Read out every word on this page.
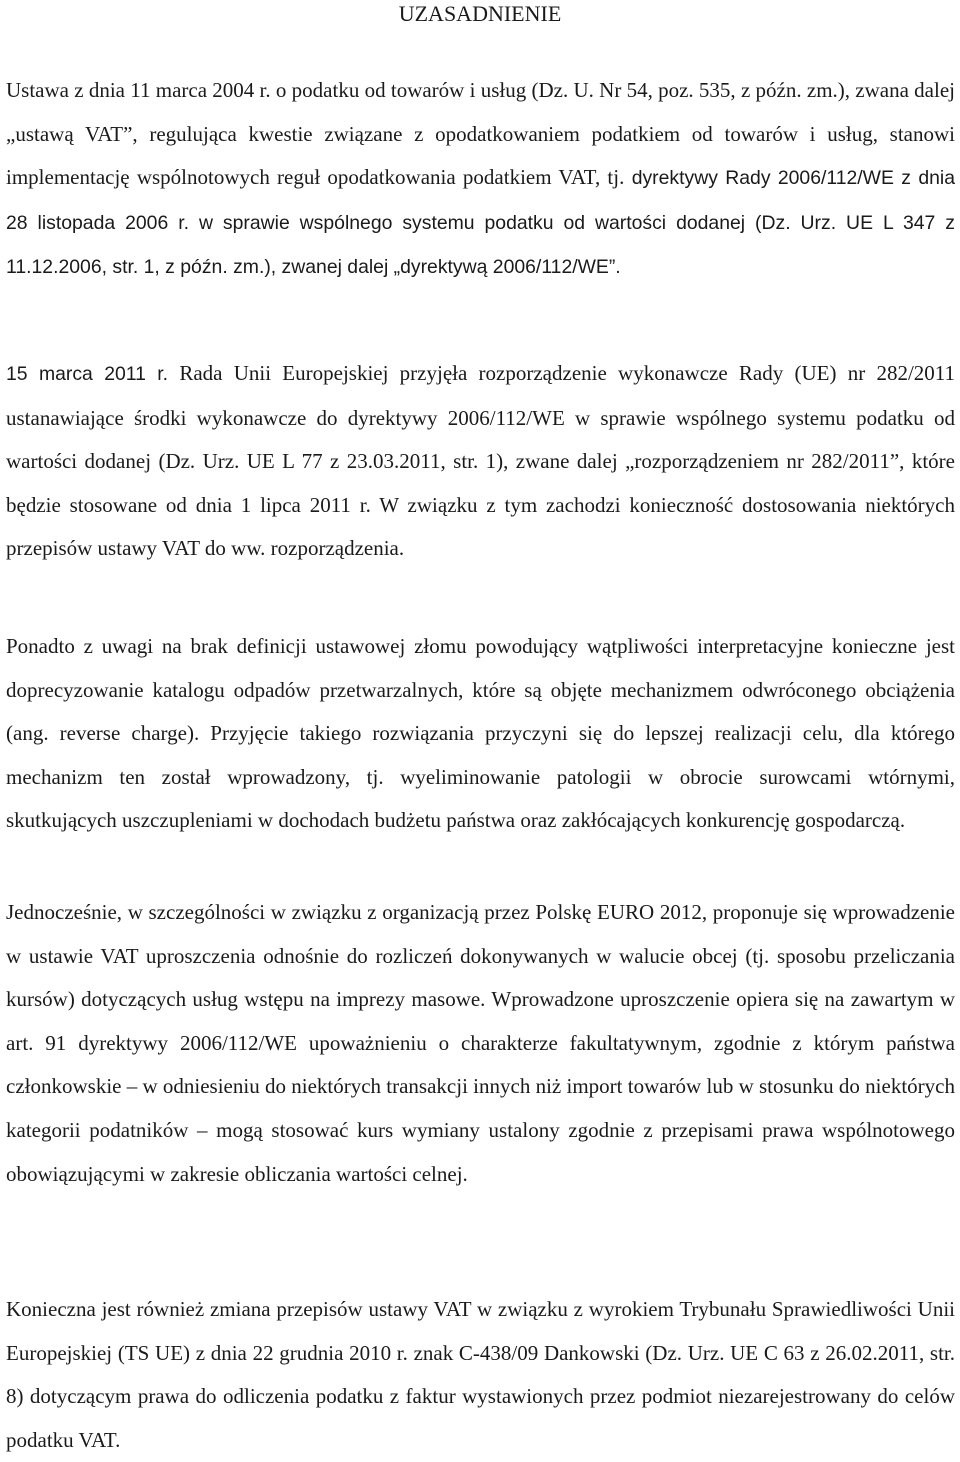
UZASADNIENIE

Ustawa z dnia 11 marca 2004 r. o podatku od towarów i usług (Dz. U. Nr 54, poz. 535, z późn. zm.), zwana dalej „ustawą VAT”, regulująca kwestie związane z opodatkowaniem podatkiem od towarów i usług, stanowi implementację wspólnotowych reguł opodatkowania podatkiem VAT, tj. dyrektywy Rady 2006/112/WE z dnia 28 listopada 2006 r. w sprawie wspólnego systemu podatku od wartości dodanej (Dz. Urz. UE L 347 z 11.12.2006, str. 1, z późn. zm.), zwanej dalej „dyrektywą 2006/112/WE”.

15 marca 2011 r. Rada Unii Europejskiej przyjęła rozporządzenie wykonawcze Rady (UE) nr 282/2011 ustanawiające środki wykonawcze do dyrektywy 2006/112/WE w sprawie wspólnego systemu podatku od wartości dodanej (Dz. Urz. UE L 77 z 23.03.2011, str. 1), zwane dalej „rozporządzeniem nr 282/2011”, które będzie stosowane od dnia 1 lipca 2011 r. W związku z tym zachodzi konieczność dostosowania niektórych przepisów ustawy VAT do ww. rozporządzenia.

Ponadto z uwagi na brak definicji ustawowej złomu powodujący wątpliwości interpretacyjne konieczne jest doprecyzowanie katalogu odpadów przetwarzalnych, które są objęte mechanizmem odwróconego obciążenia (ang. reverse charge). Przyjęcie takiego rozwiązania przyczyni się do lepszej realizacji celu, dla którego mechanizm ten został wprowadzony, tj. wyeliminowanie patologii w obrocie surowcami wtórnymi, skutkujących uszczupleniami w dochodach budżetu państwa oraz zakłócających konkurencję gospodarczą.

Jednocześnie, w szczególności w związku z organizacją przez Polskę EURO 2012, proponuje się wprowadzenie w ustawie VAT uproszczenia odnośnie do rozliczeń dokonywanych w walucie obcej (tj. sposobu przeliczania kursów) dotyczących usług wstępu na imprezy masowe. Wprowadzone uproszczenie opiera się na zawartym w art. 91 dyrektywy 2006/112/WE upoważnieniu o charakterze fakultatywnym, zgodnie z którym państwa członkowskie – w odniesieniu do niektórych transakcji innych niż import towarów lub w stosunku do niektórych kategorii podatników – mogą stosować kurs wymiany ustalony zgodnie z przepisami prawa wspólnotowego obowiązującymi w zakresie obliczania wartości celnej.

Konieczna jest również zmiana przepisów ustawy VAT w związku z wyrokiem Trybunału Sprawiedliwości Unii Europejskiej (TS UE) z dnia 22 grudnia 2010 r. znak C-438/09 Dankowski (Dz. Urz. UE C 63 z 26.02.2011, str. 8) dotyczącym prawa do odliczenia podatku z faktur wystawionych przez podmiot niezarejestrowany do celów podatku VAT.
